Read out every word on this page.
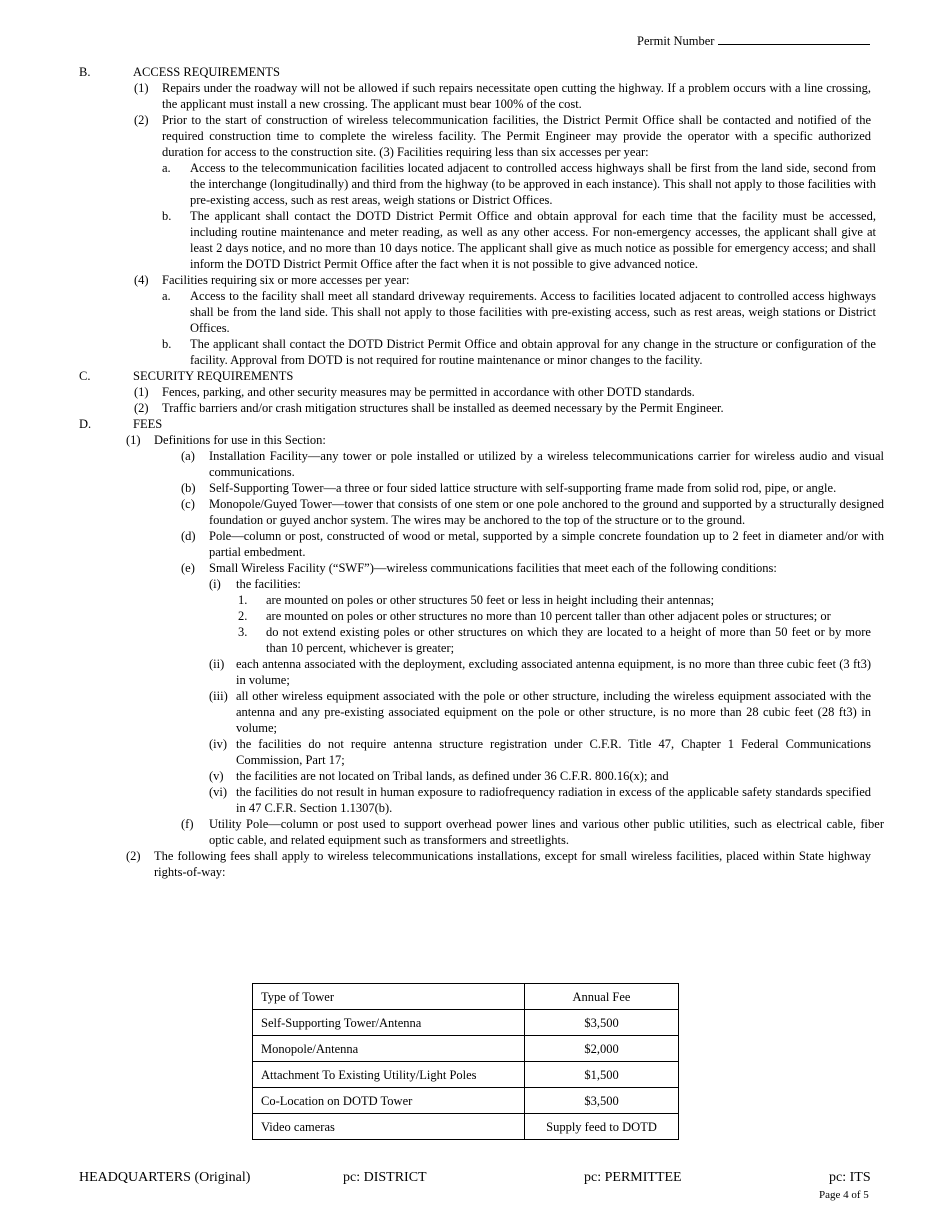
Permit Number
B.	ACCESS REQUIREMENTS
(1)	Repairs under the roadway will not be allowed if such repairs necessitate open cutting the highway. If a problem occurs with a line crossing, the applicant must install a new crossing. The applicant must bear 100% of the cost.
(2)	Prior to the start of construction of wireless telecommunication facilities, the District Permit Office shall be contacted and notified of the required construction time to complete the wireless facility. The Permit Engineer may provide the operator with a specific authorized duration for access to the construction site. (3) Facilities requiring less than six accesses per year:
a.	Access to the telecommunication facilities located adjacent to controlled access highways shall be first from the land side, second from the interchange (longitudinally) and third from the highway (to be approved in each instance). This shall not apply to those facilities with pre-existing access, such as rest areas, weigh stations or District Offices.
b.	The applicant shall contact the DOTD District Permit Office and obtain approval for each time that the facility must be accessed, including routine maintenance and meter reading, as well as any other access. For non-emergency accesses, the applicant shall give at least 2 days notice, and no more than 10 days notice. The applicant shall give as much notice as possible for emergency access; and shall inform the DOTD District Permit Office after the fact when it is not possible to give advanced notice.
(4)	Facilities requiring six or more accesses per year:
a.	Access to the facility shall meet all standard driveway requirements. Access to facilities located adjacent to controlled access highways shall be from the land side. This shall not apply to those facilities with pre-existing access, such as rest areas, weigh stations or District Offices.
b.	The applicant shall contact the DOTD District Permit Office and obtain approval for any change in the structure or configuration of the facility. Approval from DOTD is not required for routine maintenance or minor changes to the facility.
C.	SECURITY REQUIREMENTS
(1)	Fences, parking, and other security measures may be permitted in accordance with other DOTD standards.
(2)	Traffic barriers and/or crash mitigation structures shall be installed as deemed necessary by the Permit Engineer.
D.	FEES
(1)	Definitions for use in this Section:
(a)	Installation Facility—any tower or pole installed or utilized by a wireless telecommunications carrier for wireless audio and visual communications.
(b)	Self-Supporting Tower—a three or four sided lattice structure with self-supporting frame made from solid rod, pipe, or angle.
(c)	Monopole/Guyed Tower—tower that consists of one stem or one pole anchored to the ground and supported by a structurally designed foundation or guyed anchor system. The wires may be anchored to the top of the structure or to the ground.
(d)	Pole—column or post, constructed of wood or metal, supported by a simple concrete foundation up to 2 feet in diameter and/or with partial embedment.
(e)	Small Wireless Facility (“SWF”)—wireless communications facilities that meet each of the following conditions:
(i)	the facilities:
1.	are mounted on poles or other structures 50 feet or less in height including their antennas;
2.	are mounted on poles or other structures no more than 10 percent taller than other adjacent poles or structures; or
3.	do not extend existing poles or other structures on which they are located to a height of more than 50 feet or by more than 10 percent, whichever is greater;
(ii) each antenna associated with the deployment, excluding associated antenna equipment, is no more than three cubic feet (3 ft3) in volume;
(iii) all other wireless equipment associated with the pole or other structure, including the wireless equipment associated with the antenna and any pre-existing associated equipment on the pole or other structure, is no more than 28 cubic feet (28 ft3) in volume;
(iv) the facilities do not require antenna structure registration under C.F.R. Title 47, Chapter 1 Federal Communications Commission, Part 17;
(v) the facilities are not located on Tribal lands, as defined under 36 C.F.R. 800.16(x); and
(vi) the facilities do not result in human exposure to radiofrequency radiation in excess of the applicable safety standards specified in 47 C.F.R. Section 1.1307(b).
(f)	Utility Pole—column or post used to support overhead power lines and various other public utilities, such as electrical cable, fiber optic cable, and related equipment such as transformers and streetlights.
(2)	The following fees shall apply to wireless telecommunications installations, except for small wireless facilities, placed within State highway rights-of-way:
Type of Tower	Annual Fee
Self-Supporting Tower/Antenna	$3,500
Monopole/Antenna	$2,000
Attachment To Existing Utility/Light Poles	$1,500
Co-Location on DOTD Tower	$3,500
Video cameras	Supply feed to DOTD
HEADQUARTERS (Original)	pc: DISTRICT	pc: PERMITTEE	pc: ITS
Page 4 of 5
